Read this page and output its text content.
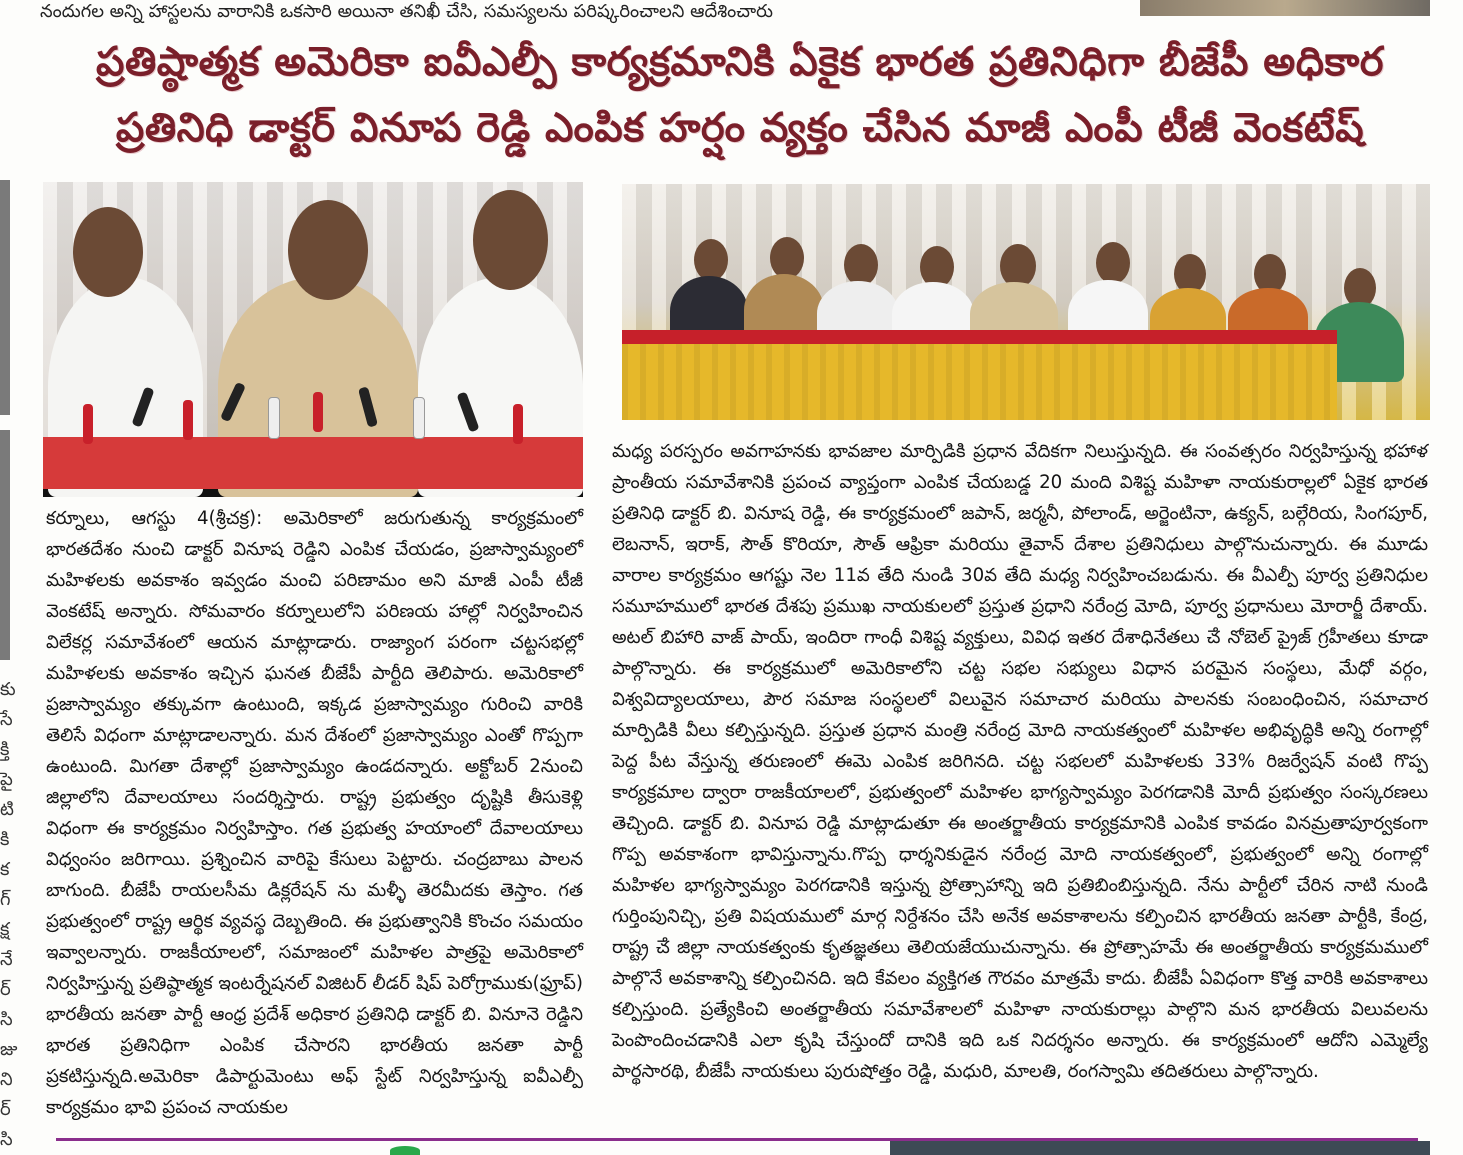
నందుగల అన్ని హాస్టలను వారానికి ఒకసారి అయినా తనిఖీ చేసి, సమస్యలను పరిష్కరించాలని ఆదేశించారు
కు
సే
క్తి
పై
టి
కి
క
గ్
క్ష
నే
ర్
సి
జు
ని
ర్
సి
ప్రతిష్ఠాత్మక అమెరికా ఐవీఎల్పీ కార్యక్రమానికి ఏకైక భారత ప్రతినిధిగా బీజేపీ అధికార
ప్రతినిధి డాక్టర్ వినూప రెడ్డి ఎంపిక హర్షం వ్యక్తం చేసిన మాజీ ఎంపీ టీజీ వెంకటేష్

కర్నూలు, ఆగస్టు 4(శ్రీచక్ర): అమెరికాలో జరుగుతున్న కార్యక్రమంలో భారతదేశం నుంచి డాక్టర్ వినూష రెడ్డిని ఎంపిక చేయడం, ప్రజాస్వామ్యంలో మహిళలకు అవకాశం ఇవ్వడం మంచి పరిణామం అని మాజీ ఎంపీ టీజీ వెంకటేష్ అన్నారు. సోమవారం కర్నూలులోని పరిణయ హాల్లో నిర్వహించిన విలేకర్ల సమావేశంలో ఆయన మాట్లాడారు. రాజ్యాంగ పరంగా చట్టసభల్లో మహిళలకు అవకాశం ఇచ్చిన ఘనత బీజేపీ పార్టీది తెలిపారు. అమెరికాలో ప్రజాస్వామ్యం తక్కువగా ఉంటుంది, ఇక్కడ ప్రజాస్వామ్యం గురించి వారికి తెలిసే విధంగా మాట్లాడాలన్నారు. మన దేశంలో ప్రజాస్వామ్యం ఎంతో గొప్పగా ఉంటుంది. మిగతా దేశాల్లో ప్రజాస్వామ్యం ఉండదన్నారు. అక్టోబర్ 2నుంచి జిల్లాలోని దేవాలయాలు సందర్శిస్తారు. రాష్ట్ర ప్రభుత్వం దృష్టికి తీసుకెళ్లి విధంగా ఈ కార్యక్రమం నిర్వహిస్తాం. గత ప్రభుత్వ హయాంలో దేవాలయాలు విధ్వంసం జరిగాయి. ప్రశ్నించిన వారిపై కేసులు పెట్టారు. చంద్రబాబు పాలన బాగుంది. బీజేపీ రాయలసీమ డిక్లరేషన్ ను మళ్ళీ తెరమీదకు తెస్తాం. గత ప్రభుత్వంలో రాష్ట్ర ఆర్థిక వ్యవస్థ దెబ్బతింది. ఈ ప్రభుత్వానికి కొంచం సమయం ఇవ్వాలన్నారు. రాజకీయాలలో, సమాజంలో మహిళల పాత్రపై అమెరికాలో నిర్వహిస్తున్న ప్రతిష్ఠాత్మక ఇంటర్నేషనల్ విజిటర్ లీడర్ షిప్ పెరోగ్రాముకు(ఫ్రూప్) భారతీయ జనతా పార్టీ ఆంధ్ర ప్రదేశ్ అధికార ప్రతినిధి డాక్టర్ బి. వినూనె రెడ్డిని భారత ప్రతినిధిగా ఎంపిక చేసారని భారతీయ జనతా పార్టీ ప్రకటిస్తున్నది.అమెరికా డిపార్టుమెంటు అఫ్ స్టేట్ నిర్వహిస్తున్న ఐవీఎల్పీ కార్యక్రమం భావి ప్రపంచ నాయకుల

మధ్య పరస్పరం అవగాహనకు భావజాల మార్పిడికి ప్రధాన వేదికగా నిలుస్తున్నది. ఈ సంవత్సరం నిర్వహిస్తున్న భహాళ ప్రాంతీయ సమావేశానికి ప్రపంచ వ్యాప్తంగా ఎంపిక చేయబడ్డ 20 మంది విశిష్ట మహిళా నాయకురాల్లలో ఏకైక భారత ప్రతినిధి డాక్టర్ బి. వినూష రెడ్డి, ఈ కార్యక్రమంలో జపాన్, జర్మనీ, పోలాండ్, అర్జెంటినా, ఉక్యన్, బల్గేరియ, సింగపూర్, లెబనాన్, ఇరాక్, సౌత్ కొరియా, సౌత్ ఆఫ్రికా మరియు తైవాన్ దేశాల ప్రతినిధులు పాల్గొనుచున్నారు. ఈ మూడు వారాల కార్యక్రమం ఆగష్టు నెల 11వ తేది నుండి 30వ తేది మధ్య నిర్వహించబడును. ఈ వీఎల్పీ పూర్వ ప్రతినిధుల సమూహములో భారత దేశపు ప్రముఖ నాయకులలో ప్రస్తుత ప్రధాని నరేంద్ర మోది, పూర్వ ప్రధానులు మోరార్జీ దేశాయ్. అటల్ బిహారి వాజ్ పాయ్, ఇందిరా గాంధీ విశిష్ట వ్యక్తులు, వివిధ ఇతర దేశాధినేతలు ౘ నోబెల్ ప్రైజ్ గ్రహీతలు కూడా పాల్గొన్నారు. ఈ కార్యక్రములో అమెరికాలోని చట్ట సభల సభ్యులు విధాన పరమైన సంస్థలు, మేధో వర్గం, విశ్వవిద్యాలయాలు, పౌర సమాజ సంస్థలలో విలువైన సమాచార మరియు పాలనకు సంబంధించిన, సమాచార మార్పిడికి వీలు కల్పిస్తున్నది. ప్రస్తుత ప్రధాన మంత్రి నరేంద్ర మోది నాయకత్వంలో మహిళల అభివృద్ధికి అన్ని రంగాల్లో పెద్ద పీట వేస్తున్న తరుణంలో ఈమె ఎంపిక జరిగినది. చట్ట సభలలో మహిళలకు 33% రిజర్వేషన్ వంటి గొప్ప కార్యక్రమాల ద్వారా రాజకీయాలలో, ప్రభుత్వంలో మహిళల భాగ్యస్వామ్యం పెరగడానికి మోదీ ప్రభుత్వం సంస్కరణలు తెచ్చింది. డాక్టర్ బి. వినూప రెడ్డి మాట్లాడుతూ ఈ అంతర్జాతీయ కార్యక్రమానికి ఎంపిక కావడం వినమ్రతాపూర్వకంగా గొప్ప అవకాశంగా భావిస్తున్నాను.గొప్ప ధార్శనికుడైన నరేంద్ర మోది నాయకత్వంలో, ప్రభుత్వంలో అన్ని రంగాల్లో మహిళల భాగ్యస్వామ్యం పెరగడానికి ఇస్తున్న ప్రోత్సాహాన్ని ఇది ప్రతిబింబిస్తున్నది. నేను పార్టీలో చేరిన నాటి నుండి గుర్తింపునిచ్చి, ప్రతి విషయములో మార్గ నిర్దేశనం చేసి అనేక అవకాశాలను కల్పించిన భారతీయ జనతా పార్టీకి, కేంద్ర, రాష్ట్ర ౘ జిల్లా నాయకత్వంకు కృతజ్ఞతలు తెలియజేయుచున్నాను. ఈ ప్రోత్సాహమే ఈ అంతర్జాతీయ కార్యక్రమములో పాల్గొనే అవకాశాన్ని కల్పించినది. ఇది కేవలం వ్యక్తిగత గౌరవం మాత్రమే కాదు. బీజేపీ ఏవిధంగా కొత్త వారికి అవకాశాలు కల్పిస్తుంది. ప్రత్యేకించి అంతర్జాతీయ సమావేశాలలో మహిళా నాయకురాల్లు పాల్గొని మన భారతీయ విలువలను పెంపొందించడానికి ఎలా కృషి చేస్తుందో దానికి ఇది ఒక నిదర్శనం అన్నారు. ఈ కార్యక్రమంలో ఆదోని ఎమ్మెల్యే పార్థసారథి, బీజేపీ నాయకులు పురుషోత్తం రెడ్డి, మధురి, మాలతి, రంగస్వామి తదితరులు పాల్గొన్నారు.
